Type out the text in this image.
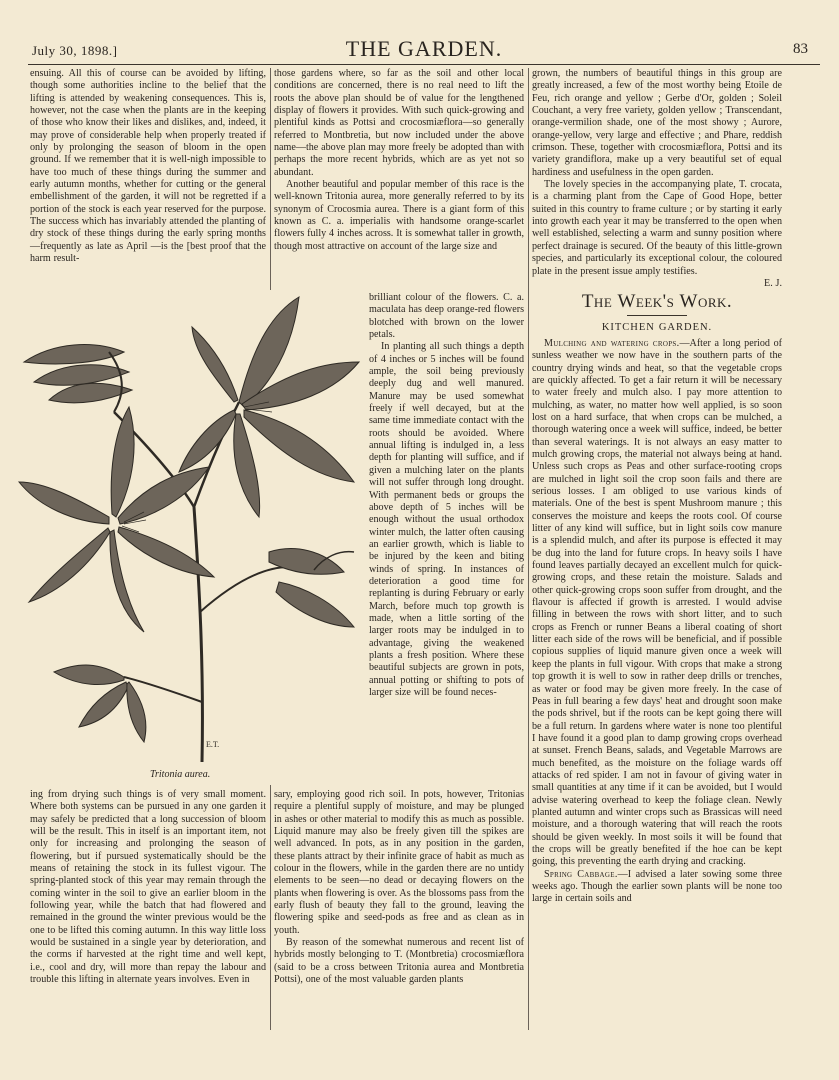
July 30, 1898.]	THE GARDEN.	83

ensuing. All this of course can be avoided by lifting, though some authorities incline to the belief that the lifting is attended by weakening consequences. This is, however, not the case when the plants are in the keeping of those who know their likes and dislikes, and, indeed, it may prove of considerable help when properly treated if only by prolonging the season of bloom in the open ground. If we remember that it is well-nigh impossible to have too much of these things during the summer and early autumn months, whether for cutting or the general embellishment of the garden, it will not be regretted if a portion of the stock is each year reserved for the purpose. The success which has invariably attended the planting of dry stock of these things during the early spring months—frequently as late as April —is the [best proof that the harm result-

those gardens where, so far as the soil and other local conditions are concerned, there is no real need to lift the roots the above plan should be of value for the lengthened display of flowers it provides. With such quick-growing and plentiful kinds as Pottsi and crocosmiæflora—so generally referred to Montbretia, but now included under the above name—the above plan may more freely be adopted than with perhaps the more recent hybrids, which are as yet not so abundant.

Another beautiful and popular member of this race is the well-known Tritonia aurea, more generally referred to by its synonym of Crocosmia aurea. There is a giant form of this known as C. a. imperialis with handsome orange-scarlet flowers fully 4 inches across. It is somewhat taller in growth, though most attractive on account of the large size and

brilliant colour of the flowers. C. a. maculata has deep orange-red flowers blotched with brown on the lower petals.

In planting all such things a depth of 4 inches or 5 inches will be found ample, the soil being previously deeply dug and well manured. Manure may be used somewhat freely if well decayed, but at the same time immediate contact with the roots should be avoided. Where annual lifting is indulged in, a less depth for planting will suffice, and if given a mulching later on the plants will not suffer through long drought. With permanent beds or groups the above depth of 5 inches will be enough without the usual orthodox winter mulch, the latter often causing an earlier growth, which is liable to be injured by the keen and biting winds of spring. In instances of deterioration a good time for replanting is during February or early March, before much top growth is made, when a little sorting of the larger roots may be indulged in to advantage, giving the weakened plants a fresh position. Where these beautiful subjects are grown in pots, annual potting or shifting to pots of larger size will be found neces-

E.T.
Tritonia aurea.

ing from drying such things is of very small moment. Where both systems can be pursued in any one garden it may safely be predicted that a long succession of bloom will be the result. This in itself is an important item, not only for increasing and prolonging the season of flowering, but if pursued systematically should be the means of retaining the stock in its fullest vigour. The spring-planted stock of this year may remain through the coming winter in the soil to give an earlier bloom in the following year, while the batch that had flowered and remained in the ground the winter previous would be the one to be lifted this coming autumn. In this way little loss would be sustained in a single year by deterioration, and the corms if harvested at the right time and well kept, i.e., cool and dry, will more than repay the labour and trouble this lifting in alternate years involves. Even in

sary, employing good rich soil. In pots, however, Tritonias require a plentiful supply of moisture, and may be plunged in ashes or other material to modify this as much as possible. Liquid manure may also be freely given till the spikes are well advanced. In pots, as in any position in the garden, these plants attract by their infinite grace of habit as much as colour in the flowers, while in the garden there are no untidy elements to be seen—no dead or decaying flowers on the plants when flowering is over. As the blossoms pass from the early flush of beauty they fall to the ground, leaving the flowering spike and seed-pods as free and as clean as in youth.

By reason of the somewhat numerous and recent list of hybrids mostly belonging to T. (Montbretia) crocosmiæflora (said to be a cross between Tritonia aurea and Montbretia Pottsi), one of the most valuable garden plants

grown, the numbers of beautiful things in this group are greatly increased, a few of the most worthy being Etoile de Feu, rich orange and yellow ; Gerbe d'Or, golden ; Soleil Couchant, a very free variety, golden yellow ; Transcendant, orange-vermilion shade, one of the most showy ; Aurore, orange-yellow, very large and effective ; and Phare, reddish crimson. These, together with crocosmiæflora, Pottsi and its variety grandiflora, make up a very beautiful set of equal hardiness and usefulness in the open garden.

The lovely species in the accompanying plate, T. crocata, is a charming plant from the Cape of Good Hope, better suited in this country to frame culture ; or by starting it early into growth each year it may be transferred to the open when well established, selecting a warm and sunny position where perfect drainage is secured. Of the beauty of this little-grown species, and particularly its exceptional colour, the coloured plate in the present issue amply testifies.

E. J.

The Week's Work.
KITCHEN GARDEN.

Mulching and watering crops.—After a long period of sunless weather we now have in the southern parts of the country drying winds and heat, so that the vegetable crops are quickly affected. To get a fair return it will be necessary to water freely and mulch also. I pay more attention to mulching, as water, no matter how well applied, is so soon lost on a hard surface, that when crops can be mulched, a thorough watering once a week will suffice, indeed, be better than several waterings. It is not always an easy matter to mulch growing crops, the material not always being at hand. Unless such crops as Peas and other surface-rooting crops are mulched in light soil the crop soon fails and there are serious losses. I am obliged to use various kinds of materials. One of the best is spent Mushroom manure ; this conserves the moisture and keeps the roots cool. Of course litter of any kind will suffice, but in light soils cow manure is a splendid mulch, and after its purpose is effected it may be dug into the land for future crops. In heavy soils I have found leaves partially decayed an excellent mulch for quick-growing crops, and these retain the moisture. Salads and other quick-growing crops soon suffer from drought, and the flavour is affected if growth is arrested. I would advise filling in between the rows with short litter, and to such crops as French or runner Beans a liberal coating of short litter each side of the rows will be beneficial, and if possible copious supplies of liquid manure given once a week will keep the plants in full vigour. With crops that make a strong top growth it is well to sow in rather deep drills or trenches, as water or food may be given more freely. In the case of Peas in full bearing a few days' heat and drought soon make the pods shrivel, but if the roots can be kept going there will be a full return. In gardens where water is none too plentiful I have found it a good plan to damp growing crops overhead at sunset. French Beans, salads, and Vegetable Marrows are much benefited, as the moisture on the foliage wards off attacks of red spider. I am not in favour of giving water in small quantities at any time if it can be avoided, but I would advise watering overhead to keep the foliage clean. Newly planted autumn and winter crops such as Brassicas will need moisture, and a thorough watering that will reach the roots should be given weekly. In most soils it will be found that the crops will be greatly benefited if the hoe can be kept going, this preventing the earth drying and cracking.

Spring Cabbage.—I advised a later sowing some three weeks ago. Though the earlier sown plants will be none too large in certain soils and
